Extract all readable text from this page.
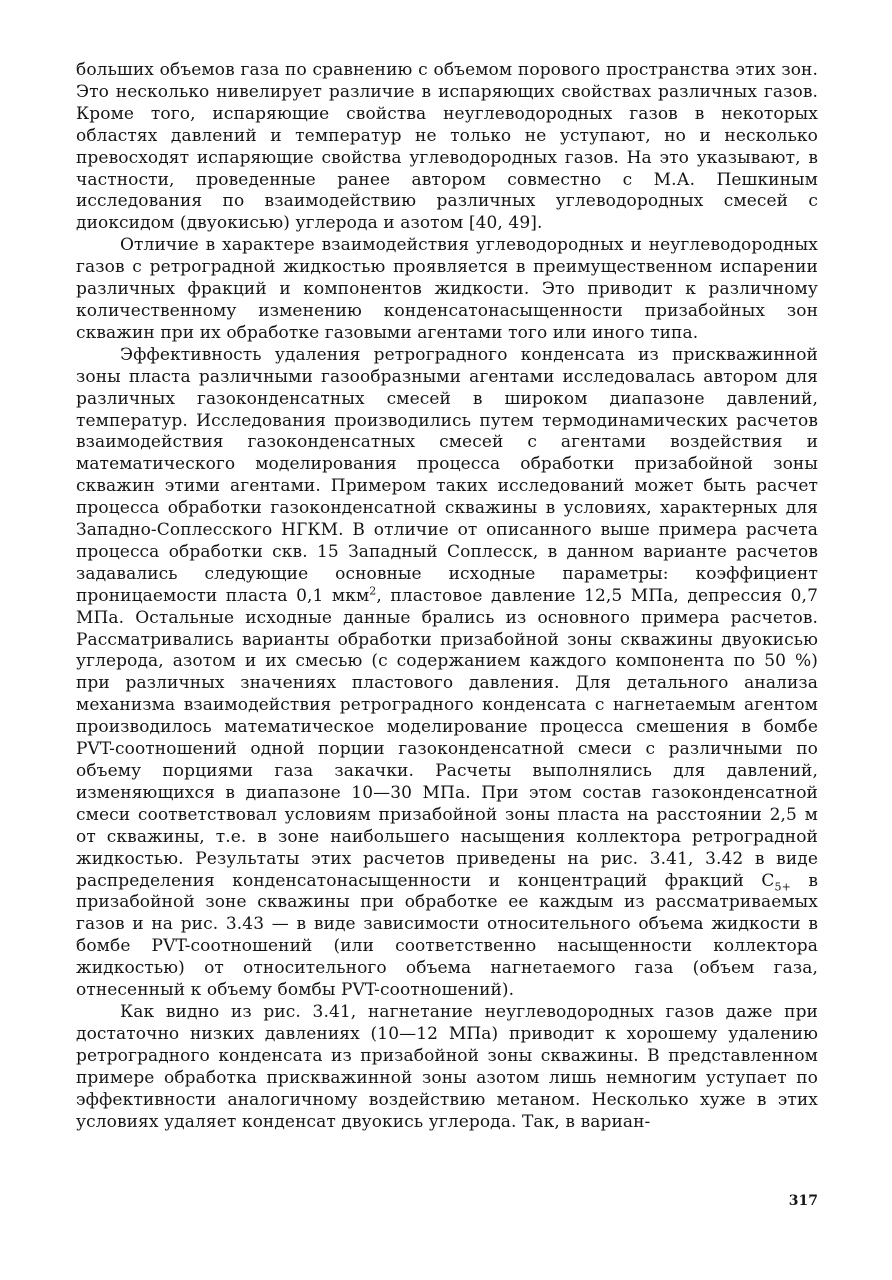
больших объемов газа по сравнению с объемом порового пространства этих зон. Это несколько нивелирует различие в испаряющих свойствах различных газов. Кроме того, испаряющие свойства неуглеводородных газов в некоторых областях давлений и температур не только не уступают, но и несколько превосходят испаряющие свойства углеводородных газов. На это указывают, в частности, проведенные ранее автором совместно с М.А. Пешкиным исследования по взаимодействию различных углеводородных смесей с диоксидом (двуокисью) углерода и азотом [40, 49].

Отличие в характере взаимодействия углеводородных и неуглеводородных газов с ретроградной жидкостью проявляется в преимущественном испарении различных фракций и компонентов жидкости. Это приводит к различному количественному изменению конденсатонасыщенности призабойных зон скважин при их обработке газовыми агентами того или иного типа.

Эффективность удаления ретроградного конденсата из прискважинной зоны пласта различными газообразными агентами исследовалась автором для различных газоконденсатных смесей в широком диапазоне давлений, температур. Исследования производились путем термодинамических расчетов взаимодействия газоконденсатных смесей с агентами воздействия и математического моделирования процесса обработки призабойной зоны скважин этими агентами. Примером таких исследований может быть расчет процесса обработки газоконденсатной скважины в условиях, характерных для Западно-Соплесского НГКМ. В отличие от описанного выше примера расчета процесса обработки скв. 15 Западный Соплесск, в данном варианте расчетов задавались следующие основные исходные параметры: коэффициент проницаемости пласта 0,1 мкм$^2$, пластовое давление 12,5 МПа, депрессия 0,7 МПа. Остальные исходные данные брались из основного примера расчетов. Рассматривались варианты обработки призабойной зоны скважины двуокисью углерода, азотом и их смесью (с содержанием каждого компонента по 50 %) при различных значениях пластового давления. Для детального анализа механизма взаимодействия ретроградного конденсата с нагнетаемым агентом производилось математическое моделирование процесса смешения в бомбе PVT-соотношений одной порции газоконденсатной смеси с различными по объему порциями газа закачки. Расчеты выполнялись для давлений, изменяющихся в диапазоне 10—30 МПа. При этом состав газоконденсатной смеси соответствовал условиям призабойной зоны пласта на расстоянии 2,5 м от скважины, т.е. в зоне наибольшего насыщения коллектора ретроградной жидкостью. Результаты этих расчетов приведены на рис. 3.41, 3.42 в виде распределения конденсатонасыщенности и концентраций фракций $С_{5+}$ в призабойной зоне скважины при обработке ее каждым из рассматриваемых газов и на рис. 3.43 — в виде зависимости относительного объема жидкости в бомбе PVT-соотношений (или соответственно насыщенности коллектора жидкостью) от относительного объема нагнетаемого газа (объем газа, отнесенный к объему бомбы PVT-соотношений).

Как видно из рис. 3.41, нагнетание неуглеводородных газов даже при достаточно низких давлениях (10—12 МПа) приводит к хорошему удалению ретроградного конденсата из призабойной зоны скважины. В представленном примере обработка прискважинной зоны азотом лишь немногим уступает по эффективности аналогичному воздействию метаном. Несколько хуже в этих условиях удаляет конденсат двуокись углерода. Так, в вариан-

317
